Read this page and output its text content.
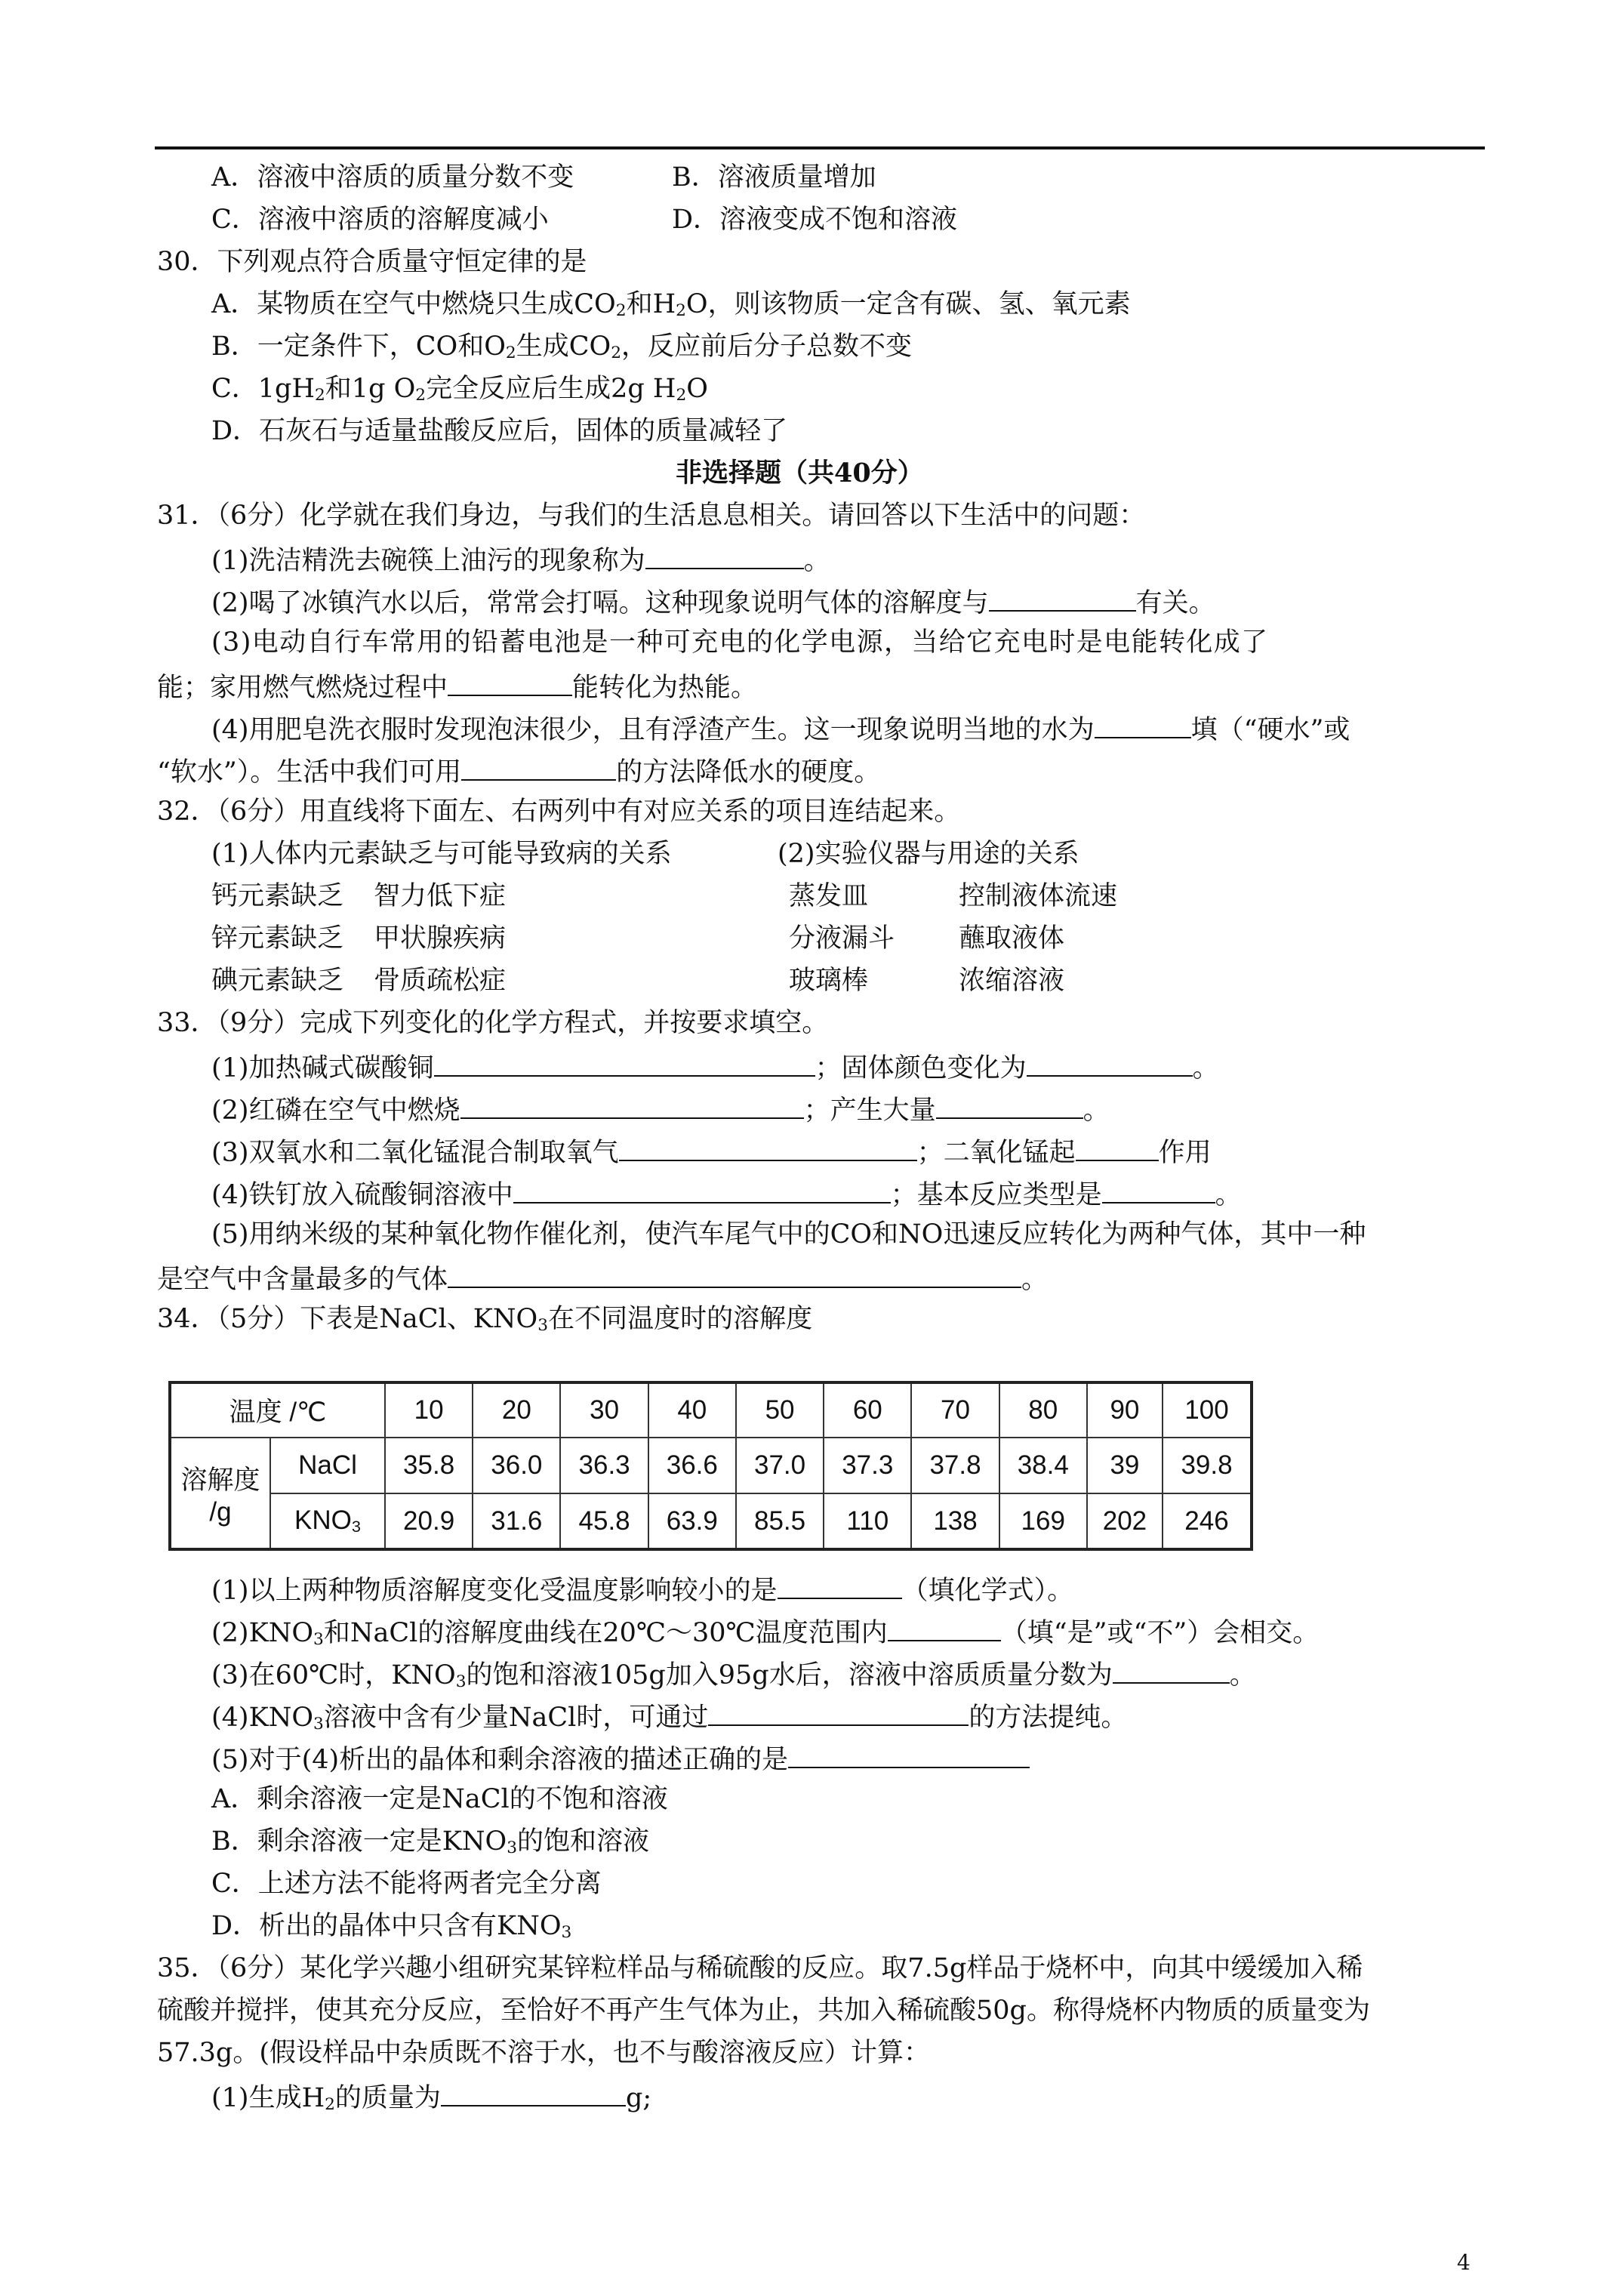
A．溶液中溶质的质量分数不变	B．溶液质量增加
C．溶液中溶质的溶解度减小	D．溶液变成不饱和溶液
30．下列观点符合质量守恒定律的是
A．某物质在空气中燃烧只生成$CO_2$和$H_2O$，则该物质一定含有碳、氢、氧元素
B．一定条件下，CO和$O_2$生成$CO_2$，反应前后分子总数不变
C．$1gH_2$和1g $O_2$完全反应后生成2g $H_2O$
D．石灰石与适量盐酸反应后，固体的质量减轻了
非选择题（共40分）
31．（6分）化学就在我们身边，与我们的生活息息相关。请回答以下生活中的问题：
(1)洗洁精洗去碗筷上油污的现象称为	。
(2)喝了冰镇汽水以后，常常会打嗝。这种现象说明气体的溶解度与	有关。
(3)电动自行车常用的铅蓄电池是一种可充电的化学电源，当给它充电时是电能转化成了
能；家用燃气燃烧过程中	能转化为热能。
(4)用肥皂洗衣服时发现泡沫很少，且有浮渣产生。这一现象说明当地的水为	填（“硬水”或
“软水”）。生活中我们可用	的方法降低水的硬度。
32．（6分）用直线将下面左、右两列中有对应关系的项目连结起来。
(1)人体内元素缺乏与可能导致病的关系	(2)实验仪器与用途的关系
钙元素缺乏 智力低下症	蒸发皿	控制液体流速
锌元素缺乏 甲状腺疾病	分液漏斗 蘸取液体
碘元素缺乏 骨质疏松症	玻璃棒	浓缩溶液
33．（9分）完成下列变化的化学方程式，并按要求填空。
(1)加热碱式碳酸铜	；固体颜色变化为	。
(2)红磷在空气中燃烧	；产生大量	。
(3)双氧水和二氧化锰混合制取氧气	；二氧化锰起	作用
(4)铁钉放入硫酸铜溶液中	；基本反应类型是	。
(5)用纳米级的某种氧化物作催化剂，使汽车尾气中的CO和NO迅速反应转化为两种气体，其中一种
是空气中含量最多的气体	。
34．（5分）下表是NaCl、$KNO_3$在不同温度时的溶解度
温度 /℃		10	20	30	40	50	60	70	80	90	100
溶解度
/g	NaCl	35.8	36.0	36.3	36.6	37.0	37.3	37.8	38.4	39	39.8
	$KNO_3$	20.9	31.6	45.8	63.9	85.5	110	138	169	202	246
(1)以上两种物质溶解度变化受温度影响较小的是	（填化学式）。
$(2)KNO_3$和NaCl的溶解度曲线在20℃～30℃温度范围内	（填“是”或“不”）会相交。
(3)在60℃时，$KNO_3$的饱和溶液105g加入95g水后，溶液中溶质质量分数为	。
$(4)KNO_3$溶液中含有少量NaCl时，可通过	的方法提纯。
(5)对于(4)析出的晶体和剩余溶液的描述正确的是
A．剩余溶液一定是NaCl的不饱和溶液
B．剩余溶液一定是$KNO_3$的饱和溶液
C．上述方法不能将两者完全分离
D．析出的晶体中只含有$KNO_3$
35．（6分）某化学兴趣小组研究某锌粒样品与稀硫酸的反应。取7.5g样品于烧杯中，向其中缓缓加入稀
硫酸并搅拌，使其充分反应，至恰好不再产生气体为止，共加入稀硫酸50g。称得烧杯内物质的质量变为
57.3g。(假设样品中杂质既不溶于水，也不与酸溶液反应）计算：
(1)生成$H_2$的质量为	g;
4
